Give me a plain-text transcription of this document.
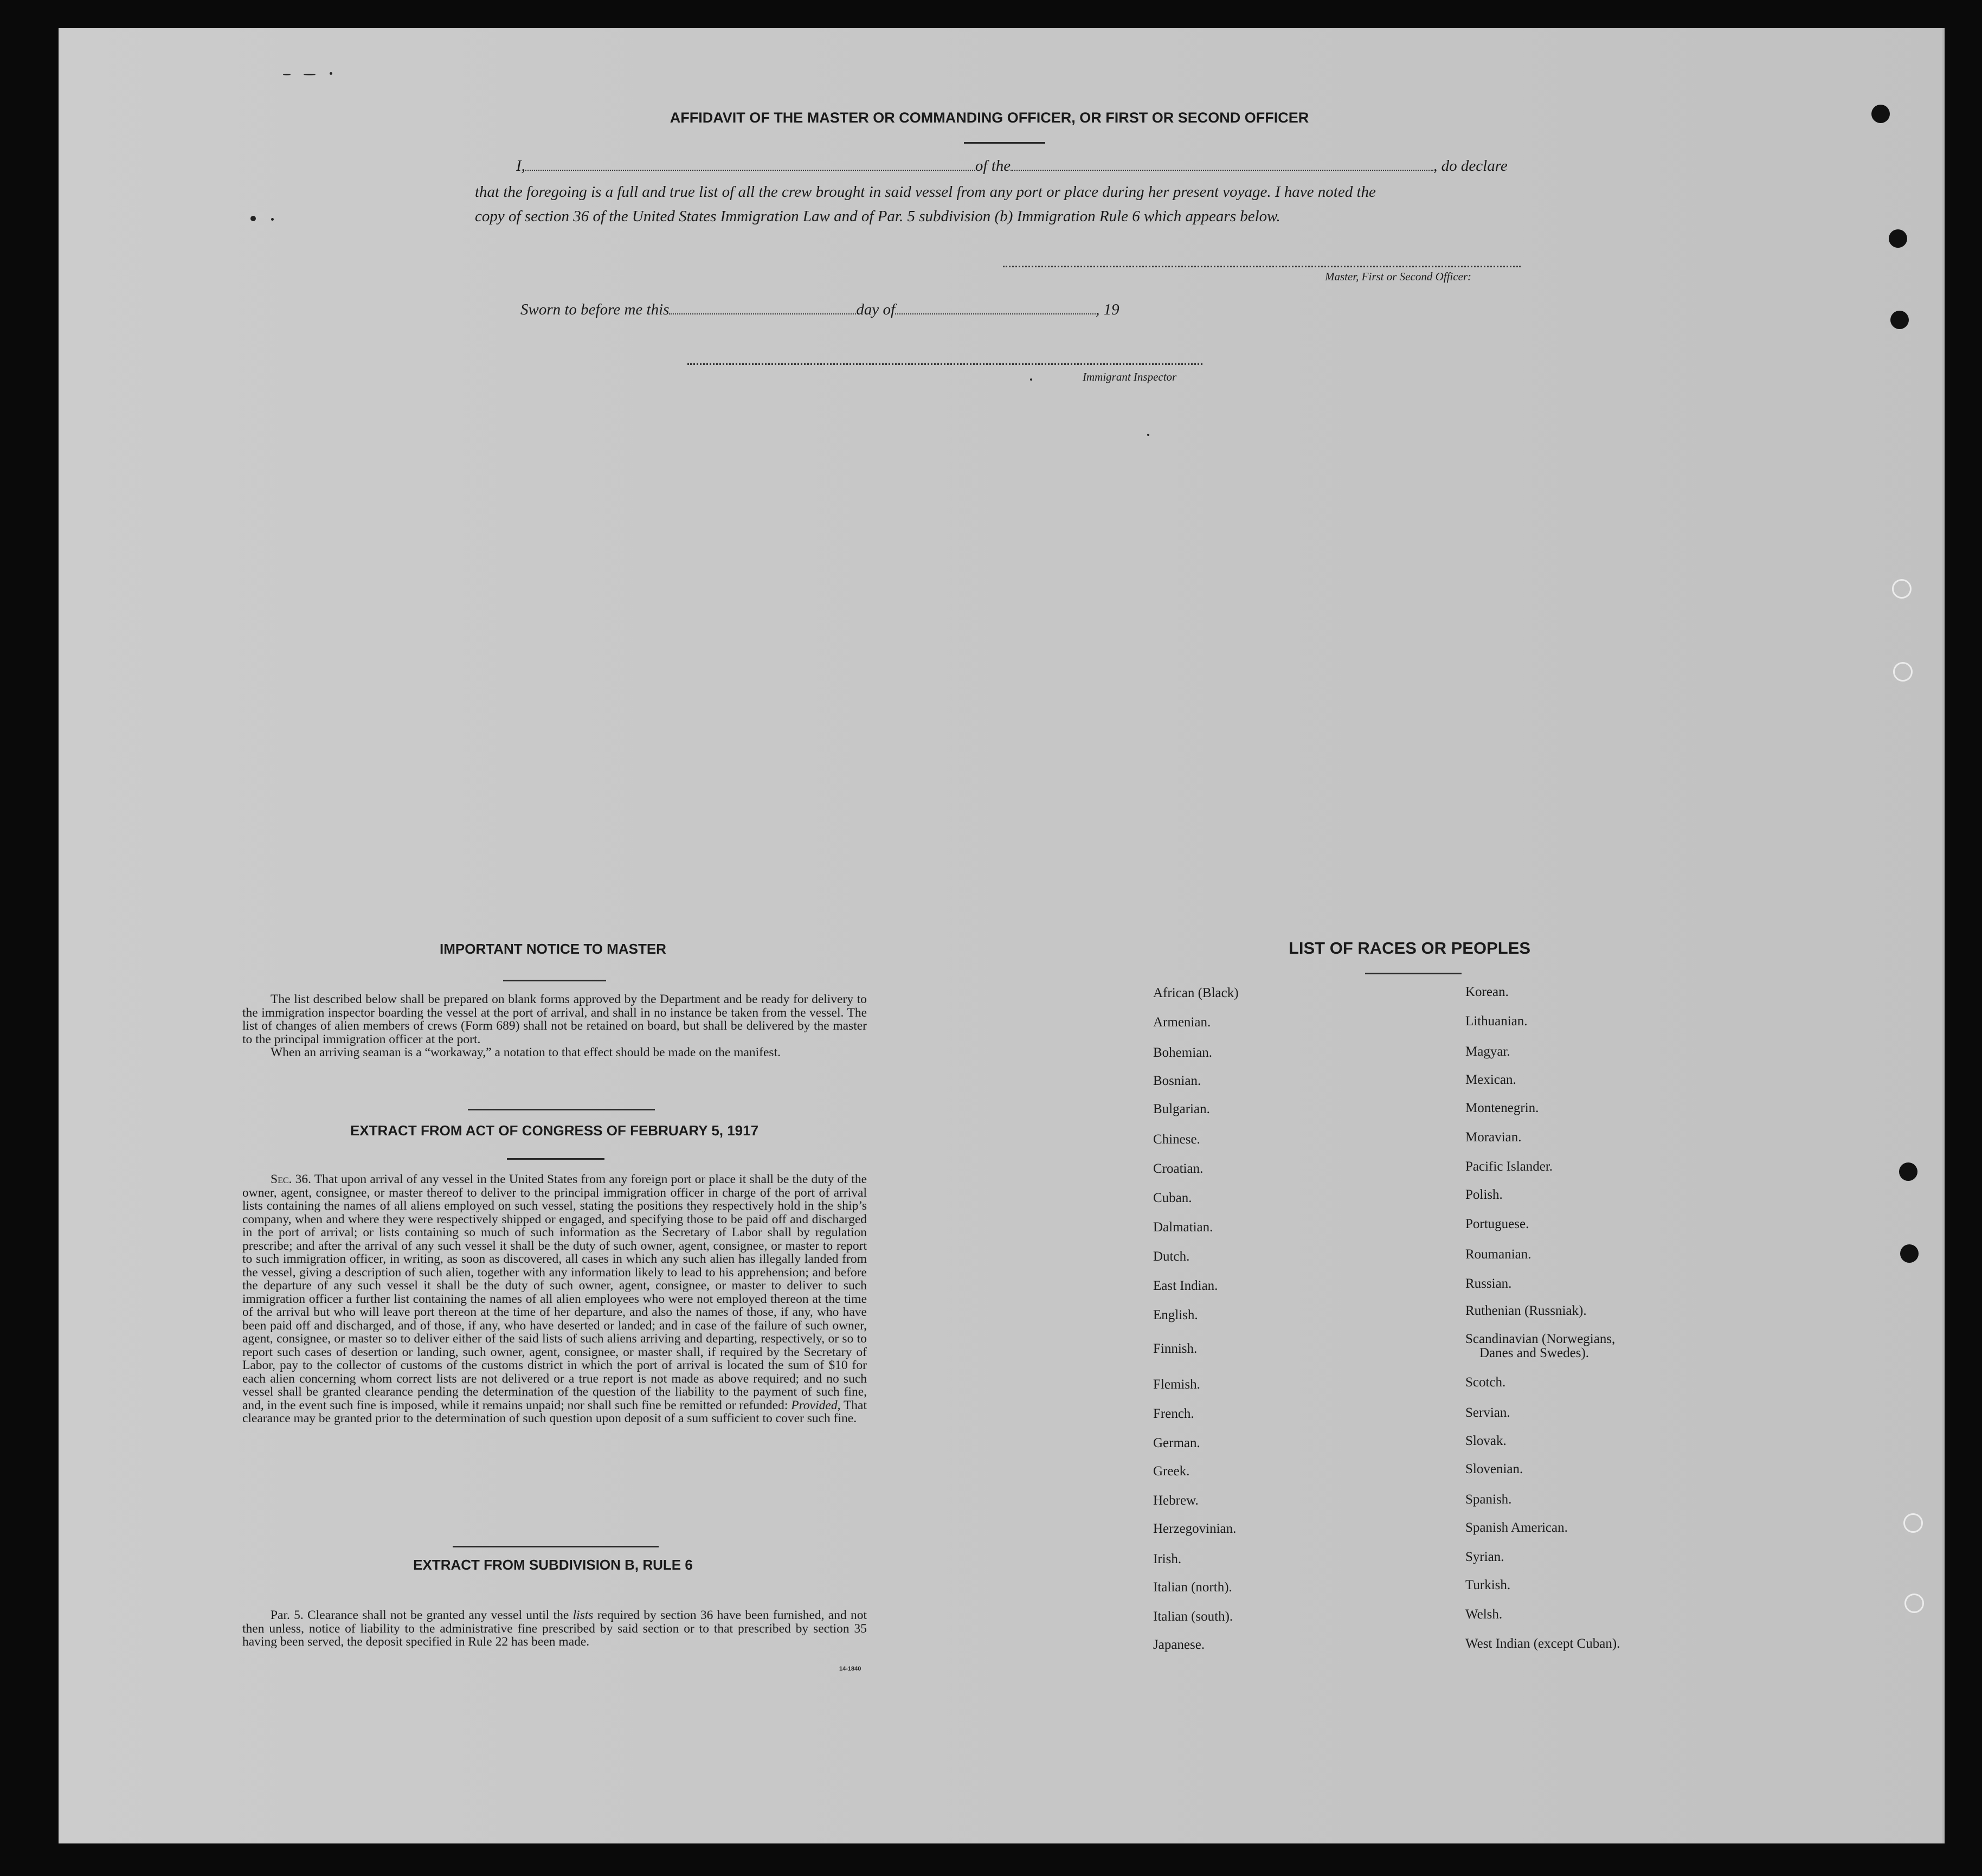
AFFIDAVIT OF THE MASTER OR COMMANDING OFFICER, OR FIRST OR SECOND OFFICER
I,	of the	, do declare
that the foregoing is a full and true list of all the crew brought in said vessel from any port or place during her present voyage. I have noted the
copy of section 36 of the United States Immigration Law and of Par. 5 subdivision (b) Immigration Rule 6 which appears below.
Master, First or Second Officer:
Sworn to before me this	day of	, 19
Immigrant Inspector
IMPORTANT NOTICE TO MASTER

The list described below shall be prepared on blank forms approved by the Department and be ready for delivery to the immigration inspector boarding the vessel at the port of arrival, and shall in no instance be taken from the vessel. The list of changes of alien members of crews (Form 689) shall not be retained on board, but shall be delivered by the master to the principal immigration officer at the port.

When an arriving seaman is a “workaway,” a notation to that effect should be made on the manifest.

EXTRACT FROM ACT OF CONGRESS OF FEBRUARY 5, 1917

Sec. 36. That upon arrival of any vessel in the United States from any foreign port or place it shall be the duty of the owner, agent, consignee, or master thereof to deliver to the principal immigration officer in charge of the port of arrival lists containing the names of all aliens employed on such vessel, stating the positions they respectively hold in the ship’s company, when and where they were respectively shipped or engaged, and specifying those to be paid off and discharged in the port of arrival; or lists containing so much of such information as the Secretary of Labor shall by regulation prescribe; and after the arrival of any such vessel it shall be the duty of such owner, agent, consignee, or master to report to such immigration officer, in writing, as soon as discovered, all cases in which any such alien has illegally landed from the vessel, giving a description of such alien, together with any information likely to lead to his apprehension; and before the departure of any such vessel it shall be the duty of such owner, agent, consignee, or master to deliver to such immigration officer a further list containing the names of all alien employees who were not employed thereon at the time of the arrival but who will leave port thereon at the time of her departure, and also the names of those, if any, who have been paid off and discharged, and of those, if any, who have deserted or landed; and in case of the failure of such owner, agent, consignee, or master so to deliver either of the said lists of such aliens arriving and departing, respectively, or so to report such cases of desertion or landing, such owner, agent, consignee, or master shall, if required by the Secretary of Labor, pay to the collector of customs of the customs district in which the port of arrival is located the sum of $10 for each alien concerning whom correct lists are not delivered or a true report is not made as above required; and no such vessel shall be granted clearance pending the determination of the question of the liability to the payment of such fine, and, in the event such fine is imposed, while it remains unpaid; nor shall such fine be remitted or refunded: Provided, That clearance may be granted prior to the determination of such question upon deposit of a sum sufficient to cover such fine.

EXTRACT FROM SUBDIVISION B, RULE 6

Par. 5. Clearance shall not be granted any vessel until the lists required by section 36 have been furnished, and not then unless, notice of liability to the administrative fine prescribed by said section or to that prescribed by section 35 having been served, the deposit specified in Rule 22 has been made.

14-1840
LIST OF RACES OR PEOPLES
African (Black)
Armenian.
Bohemian.
Bosnian.
Bulgarian.
Chinese.
Croatian.
Cuban.
Dalmatian.
Dutch.
East Indian.
English.
Finnish.
Flemish.
French.
German.
Greek.
Hebrew.
Herzegovinian.
Irish.
Italian (north).
Italian (south).
Japanese.
Korean.
Lithuanian.
Magyar.
Mexican.
Montenegrin.
Moravian.
Pacific Islander.
Polish.
Portuguese.
Roumanian.
Russian.
Ruthenian (Russniak).
Scandinavian (Norwegians,
Danes and Swedes).
Scotch.
Servian.
Slovak.
Slovenian.
Spanish.
Spanish American.
Syrian.
Turkish.
Welsh.
West Indian (except Cuban).
